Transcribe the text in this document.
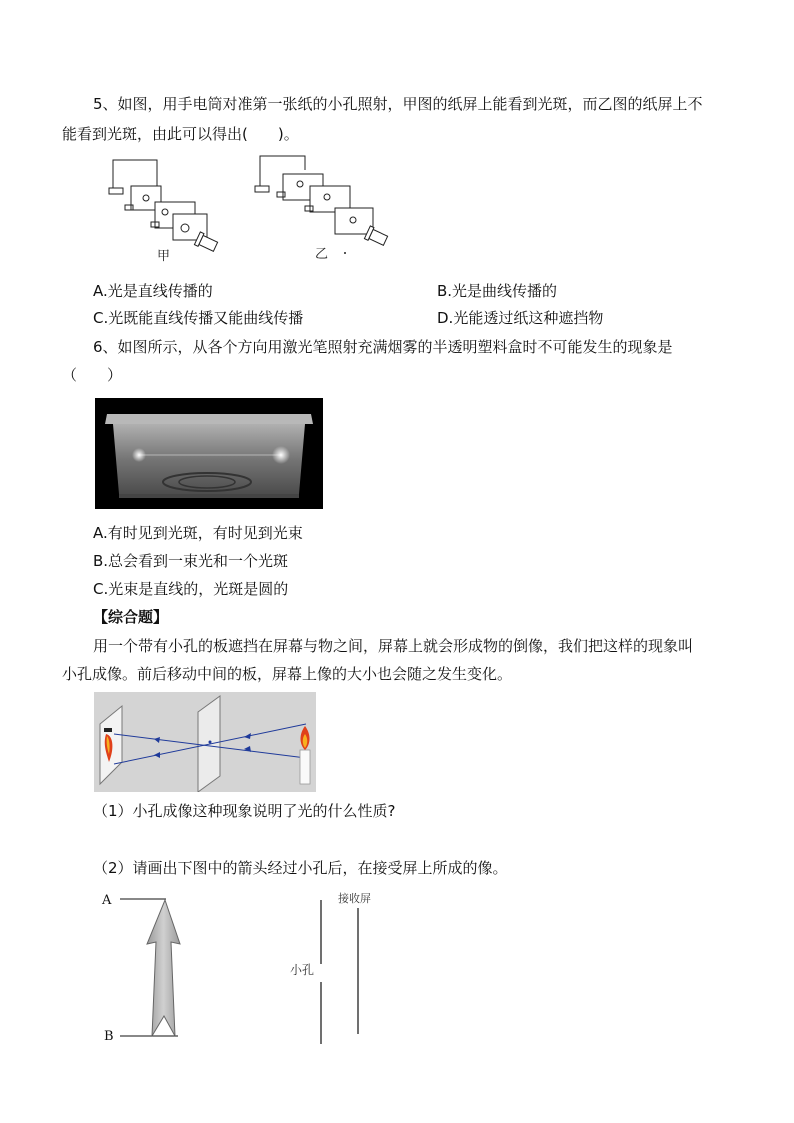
5、如图，用手电筒对准第一张纸的小孔照射，甲图的纸屏上能看到光斑，而乙图的纸屏上不
能看到光斑，由此可以得出(　　)。
甲	乙
A.光是直线传播的	B.光是曲线传播的
C.光既能直线传播又能曲线传播	D.光能透过纸这种遮挡物
6、如图所示，从各个方向用激光笔照射充满烟雾的半透明塑料盒时不可能发生的现象是
（　　）
A.有时见到光斑，有时见到光束
B.总会看到一束光和一个光斑
C.光束是直线的，光斑是圆的
【综合题】
用一个带有小孔的板遮挡在屏幕与物之间，屏幕上就会形成物的倒像，我们把这样的现象叫
小孔成像。前后移动中间的板，屏幕上像的大小也会随之发生变化。
（1）小孔成像这种现象说明了光的什么性质?
（2）请画出下图中的箭头经过小孔后，在接受屏上所成的像。
A
B
小孔
接收屏
